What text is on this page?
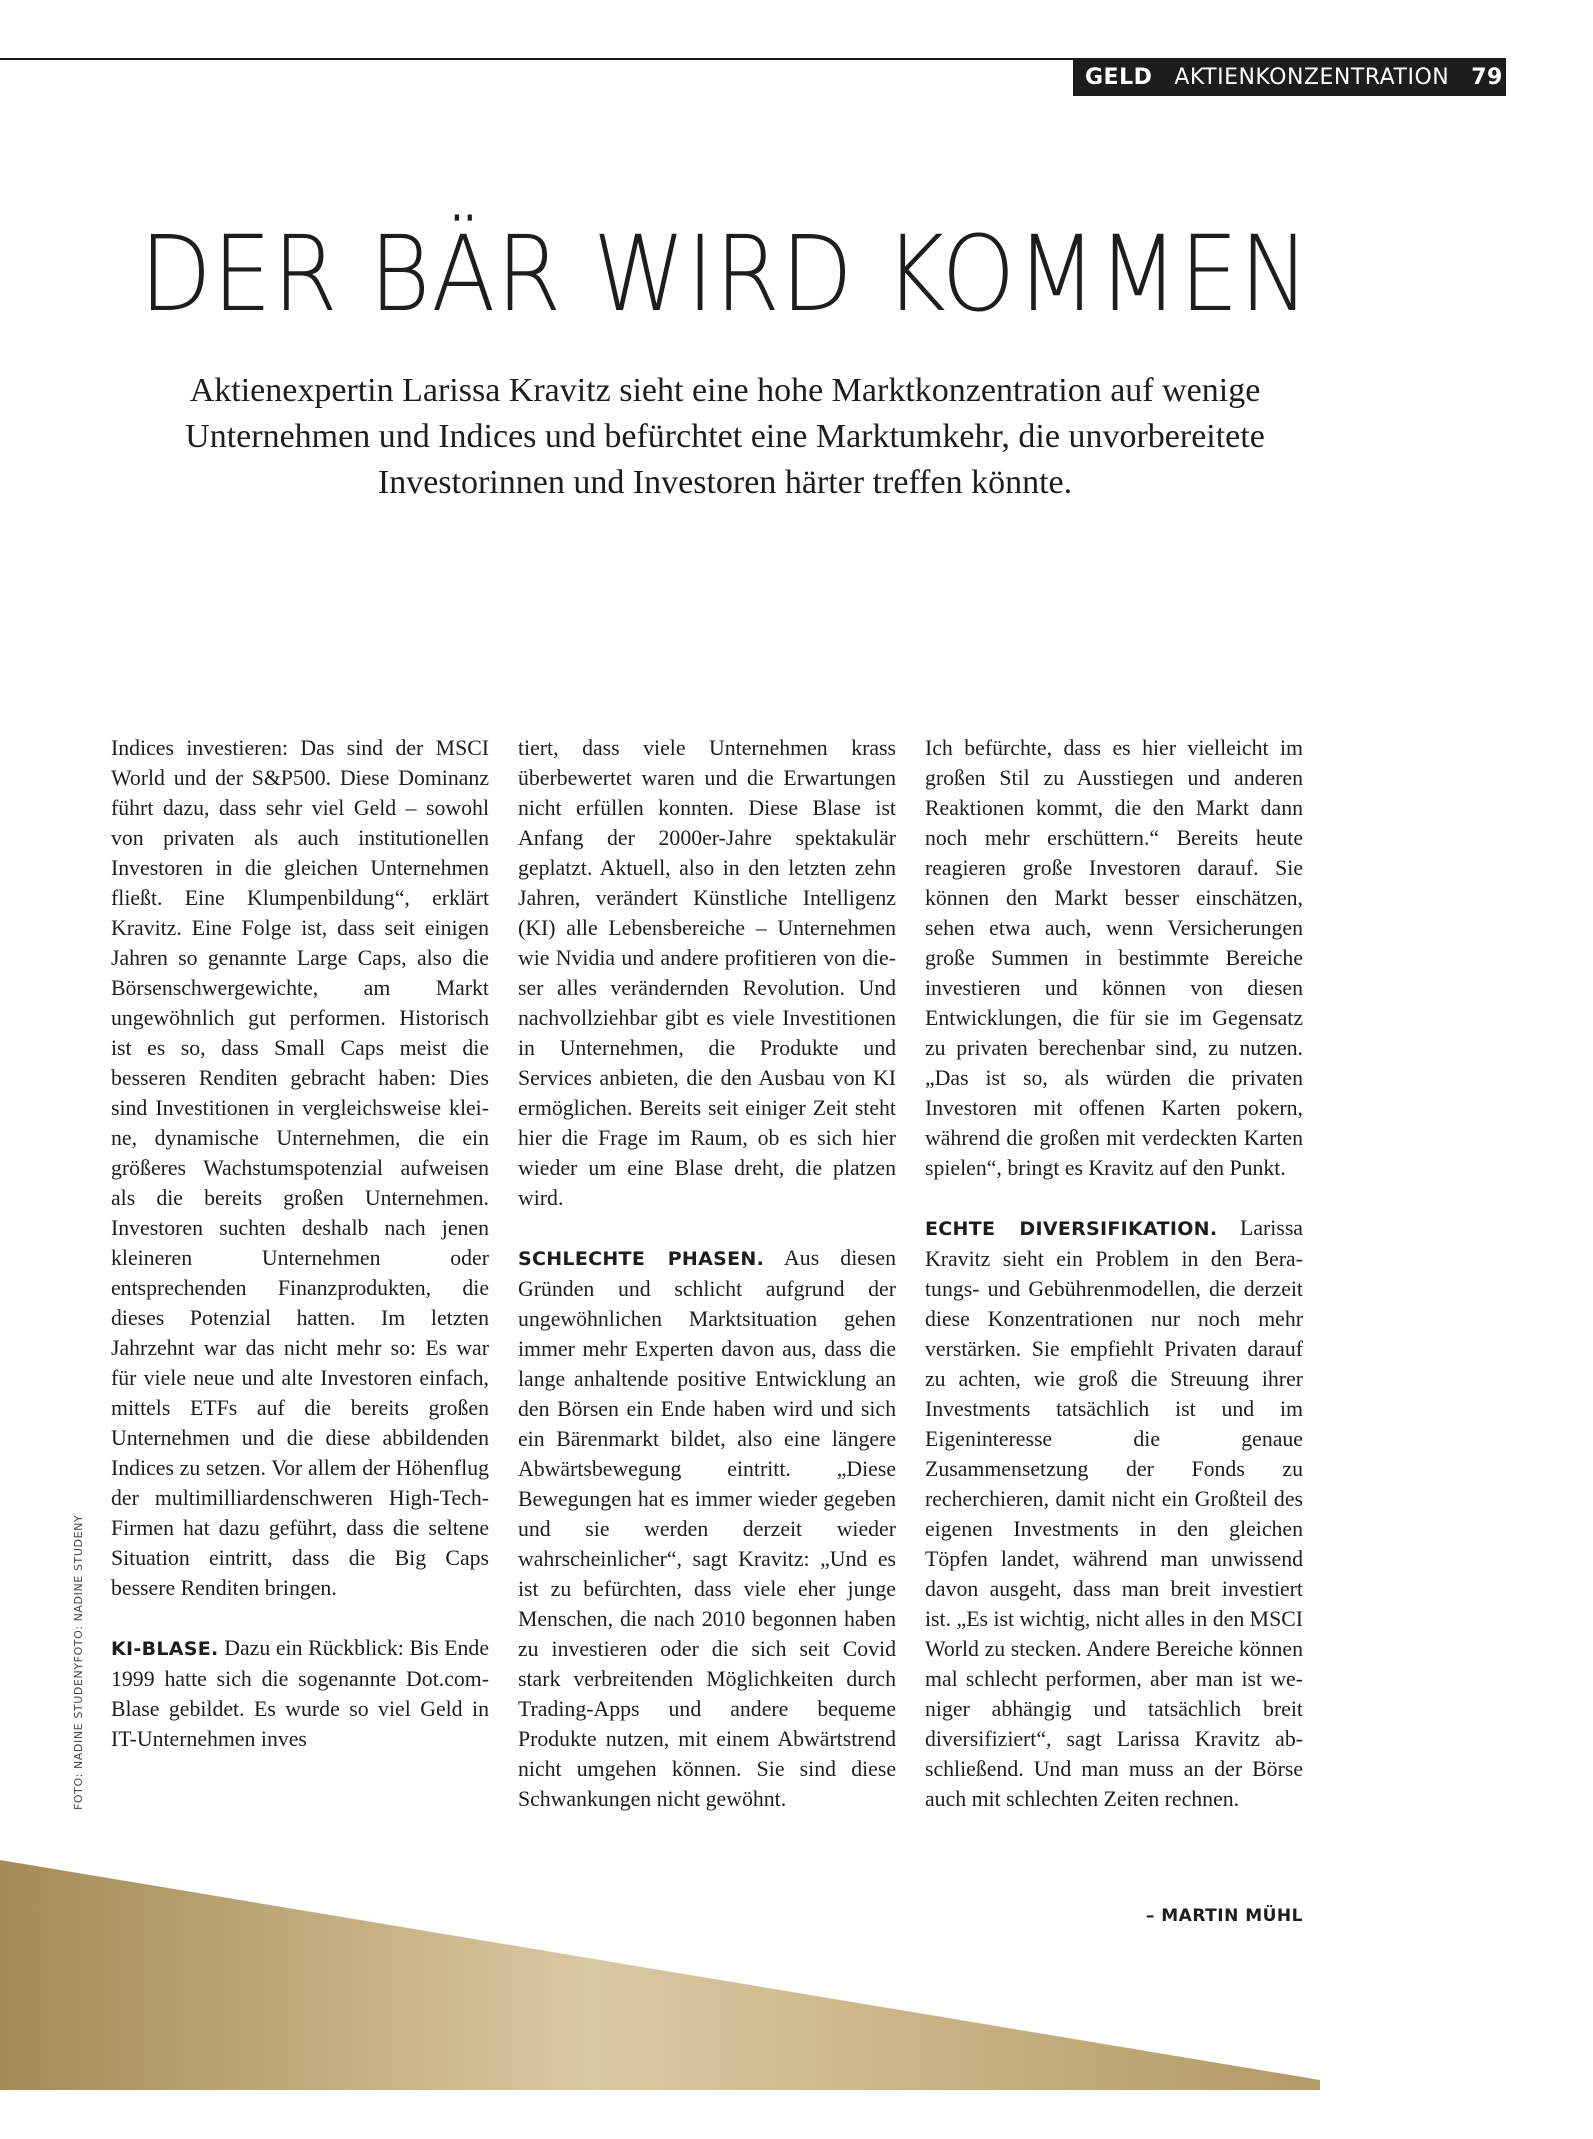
GELD AKTIENKONZENTRATION 79
DER BÄR WIRD KOMMEN

Aktienexpertin Larissa Kravitz sieht eine hohe Marktkonzentration auf wenige Unternehmen und Indices und befürchtet eine Marktumkehr, die unvorbereitete Investorinnen und Investoren härter treffen könnte.

FOTO: NADINE STUDENYFOTO: NADINE STUDENY

Indices investieren: Das sind der MSCI World und der S&P500. Diese Dominanz führt dazu, dass sehr viel Geld – sowohl von privaten als auch institutionellen Investoren in die gleichen Unternehmen fließt. Eine Klumpenbildung“, erklärt Kravitz. Eine Folge ist, dass seit einigen Jahren so genannte Large Caps, also die Börsenschwergewichte, am Markt ungewöhnlich gut performen. Historisch ist es so, dass Small Caps meist die besseren Renditen gebracht haben: Dies sind Investitionen in vergleichsweise kleine, dynamische Unternehmen, die ein größeres Wachstumspotenzial aufweisen als die bereits großen Unternehmen. Investoren suchten deshalb nach jenen kleineren Unternehmen oder entsprechenden Finanzprodukten, die dieses Potenzial hatten. Im letzten Jahrzehnt war das nicht mehr so: Es war für viele neue und alte Investoren einfach, mittels ETFs auf die bereits großen Unternehmen und die diese abbildenden Indices zu setzen. Vor allem der Höhenflug der multimilliardenschweren High-Tech-Firmen hat dazu geführt, dass die seltene Situation eintritt, dass die Big Caps bessere Renditen bringen.

KI-BLASE. Dazu ein Rückblick: Bis Ende 1999 hatte sich die sogenannte Dot.com-Blase gebildet. Es wurde so viel Geld in IT-Unternehmen inves

tiert, dass viele Unternehmen krass überbewertet waren und die Erwartungen nicht erfüllen konnten. Diese Blase ist Anfang der 2000er-Jahre spektakulär geplatzt. Aktuell, also in den letzten zehn Jahren, verändert Künstliche Intelligenz (KI) alle Lebensbereiche – Unternehmen wie Nvidia und andere profitieren von dieser alles verändernden Revolution. Und nachvollziehbar gibt es viele Investitionen in Unternehmen, die Produkte und Services anbieten, die den Ausbau von KI ermöglichen. Bereits seit einiger Zeit steht hier die Frage im Raum, ob es sich hier wieder um eine Blase dreht, die platzen wird.

SCHLECHTE PHASEN. Aus diesen Gründen und schlicht aufgrund der ungewöhnlichen Marktsituation gehen immer mehr Experten davon aus, dass die lange anhaltende positive Entwicklung an den Börsen ein Ende haben wird und sich ein Bärenmarkt bildet, also eine längere Abwärtsbewegung eintritt. „Diese Bewegungen hat es immer wieder gegeben und sie werden derzeit wieder wahrscheinlicher“, sagt Kravitz: „Und es ist zu befürchten, dass viele eher junge Menschen, die nach 2010 begonnen haben zu investieren oder die sich seit Covid stark verbreitenden Möglichkeiten durch Trading-Apps und andere bequeme Produkte nutzen, mit einem Abwärtstrend nicht umgehen können. Sie sind diese Schwankungen nicht gewöhnt.

Ich befürchte, dass es hier vielleicht im großen Stil zu Ausstiegen und anderen Reaktionen kommt, die den Markt dann noch mehr erschüttern.“ Bereits heute reagieren große Investoren darauf. Sie können den Markt besser einschätzen, sehen etwa auch, wenn Versicherungen große Summen in bestimmte Bereiche investieren und können von diesen Entwicklungen, die für sie im Gegensatz zu privaten berechenbar sind, zu nutzen. „Das ist so, als würden die privaten Investoren mit offenen Karten pokern, während die großen mit verdeckten Karten spielen“, bringt es Kravitz auf den Punkt.

ECHTE DIVERSIFIKATION. Larissa Kravitz sieht ein Problem in den Beratungs- und Gebührenmodellen, die derzeit diese Konzentrationen nur noch mehr verstärken. Sie empfiehlt Privaten darauf zu achten, wie groß die Streuung ihrer Investments tatsächlich ist und im Eigeninteresse die genaue Zusammensetzung der Fonds zu recherchieren, damit nicht ein Großteil des eigenen Investments in den gleichen Töpfen landet, während man unwissend davon ausgeht, dass man breit investiert ist. „Es ist wichtig, nicht alles in den MSCI World zu stecken. Andere Bereiche können mal schlecht performen, aber man ist weniger abhängig und tatsächlich breit diversifiziert“, sagt Larissa Kravitz abschließend. Und man muss an der Börse auch mit schlechten Zeiten rechnen.

– MARTIN MÜHL
